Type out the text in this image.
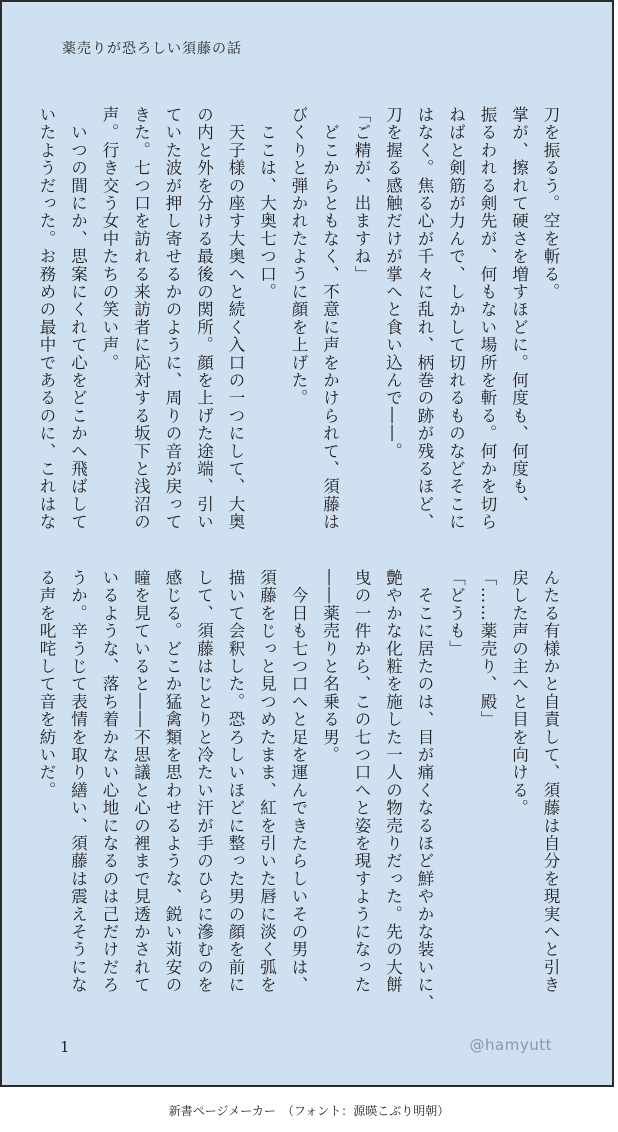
薬売りが恐ろしい須藤の話
刀を振るう。空を斬る。
掌が、擦れて硬さを増すほどに。何度も、何度も、
振るわれる剣先が、何もない場所を斬る。何かを切ら
ねばと剣筋が力んで、しかして切れるものなどそこに
はなく。焦る心が千々に乱れ、柄巻の跡が残るほど、
刀を握る感触だけが掌へと食い込んで――。
「ご精が、出ますね」
　どこからともなく、不意に声をかけられて、須藤は
びくりと弾かれたように顔を上げた。
　ここは、大奥七つ口。
　天子様の座す大奥へと続く入口の一つにして、大奥
の内と外を分ける最後の関所。顔を上げた途端、引い
ていた波が押し寄せるかのように、周りの音が戻って
きた。七つ口を訪れる来訪者に応対する坂下と浅沼の
声。行き交う女中たちの笑い声。
　いつの間にか、思案にくれて心をどこかへ飛ばして
いたようだった。お務めの最中であるのに、これはな
んたる有様かと自責して、須藤は自分を現実へと引き
戻した声の主へと目を向ける。
「……薬売り、殿」
「どうも」
　そこに居たのは、目が痛くなるほど鮮やかな装いに、
艶やかな化粧を施した一人の物売りだった。先の大餅
曳の一件から、この七つ口へと姿を現すようになった
――薬売りと名乗る男。
　今日も七つ口へと足を運んできたらしいその男は、
須藤をじっと見つめたまま、紅を引いた唇に淡く弧を
描いて会釈した。恐ろしいほどに整った男の顔を前に
して、須藤はじとりと冷たい汗が手のひらに滲むのを
感じる。どこか猛禽類を思わせるような、鋭い苅安の
瞳を見ていると――不思議と心の裡まで見透かされて
いるような、落ち着かない心地になるのは己だけだろ
うか。辛うじて表情を取り繕い、須藤は震えそうにな
る声を叱咤して音を紡いだ。
1	@hamyutt
新書ページメーカー　（フォント：源暎こぶり明朝）
